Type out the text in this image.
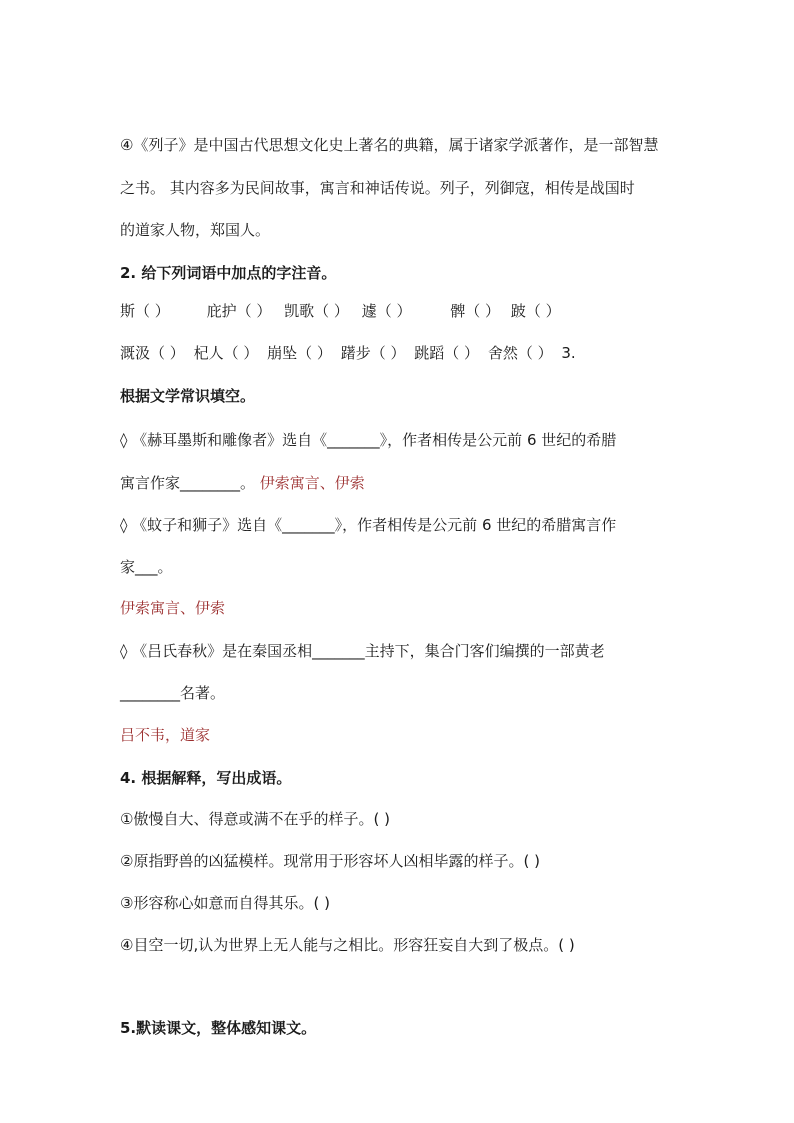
④《列子》是中国古代思想文化史上著名的典籍，属于诸家学派著作，是一部智慧
之书。 其内容多为民间故事，寓言和神话传说。列子，列御寇，相传是战国时
的道家人物，郑国人。
2. 给下列词语中加点的字注音。
斯（ ） 庇护（ ） 凯歌（ ） 遽（ ）	髀（ ） 跛（ ）
溉汲（ ） 杞人（ ） 崩坠（ ） 躇步（ ） 跳蹈（ ） 舍然（ ） 3.
根据文学常识填空。
◊ 《赫耳墨斯和雕像者》选自《_______》，作者相传是公元前 6 世纪的希腊
寓言作家________。 伊索寓言、伊索
◊ 《蚊子和狮子》选自《_______》，作者相传是公元前 6 世纪的希腊寓言作
家___。
伊索寓言、伊索
◊ 《吕氏春秋》是在秦国丞相_______主持下，集合门客们编撰的一部黄老
________名著。
吕不韦，道家
4. 根据解释，写出成语。
①傲慢自大、得意或满不在乎的样子。( )
②原指野兽的凶猛模样。现常用于形容坏人凶相毕露的样子。( )
③形容称心如意而自得其乐。( )
④目空一切,认为世界上无人能与之相比。形容狂妄自大到了极点。( )
5.默读课文，整体感知课文。
